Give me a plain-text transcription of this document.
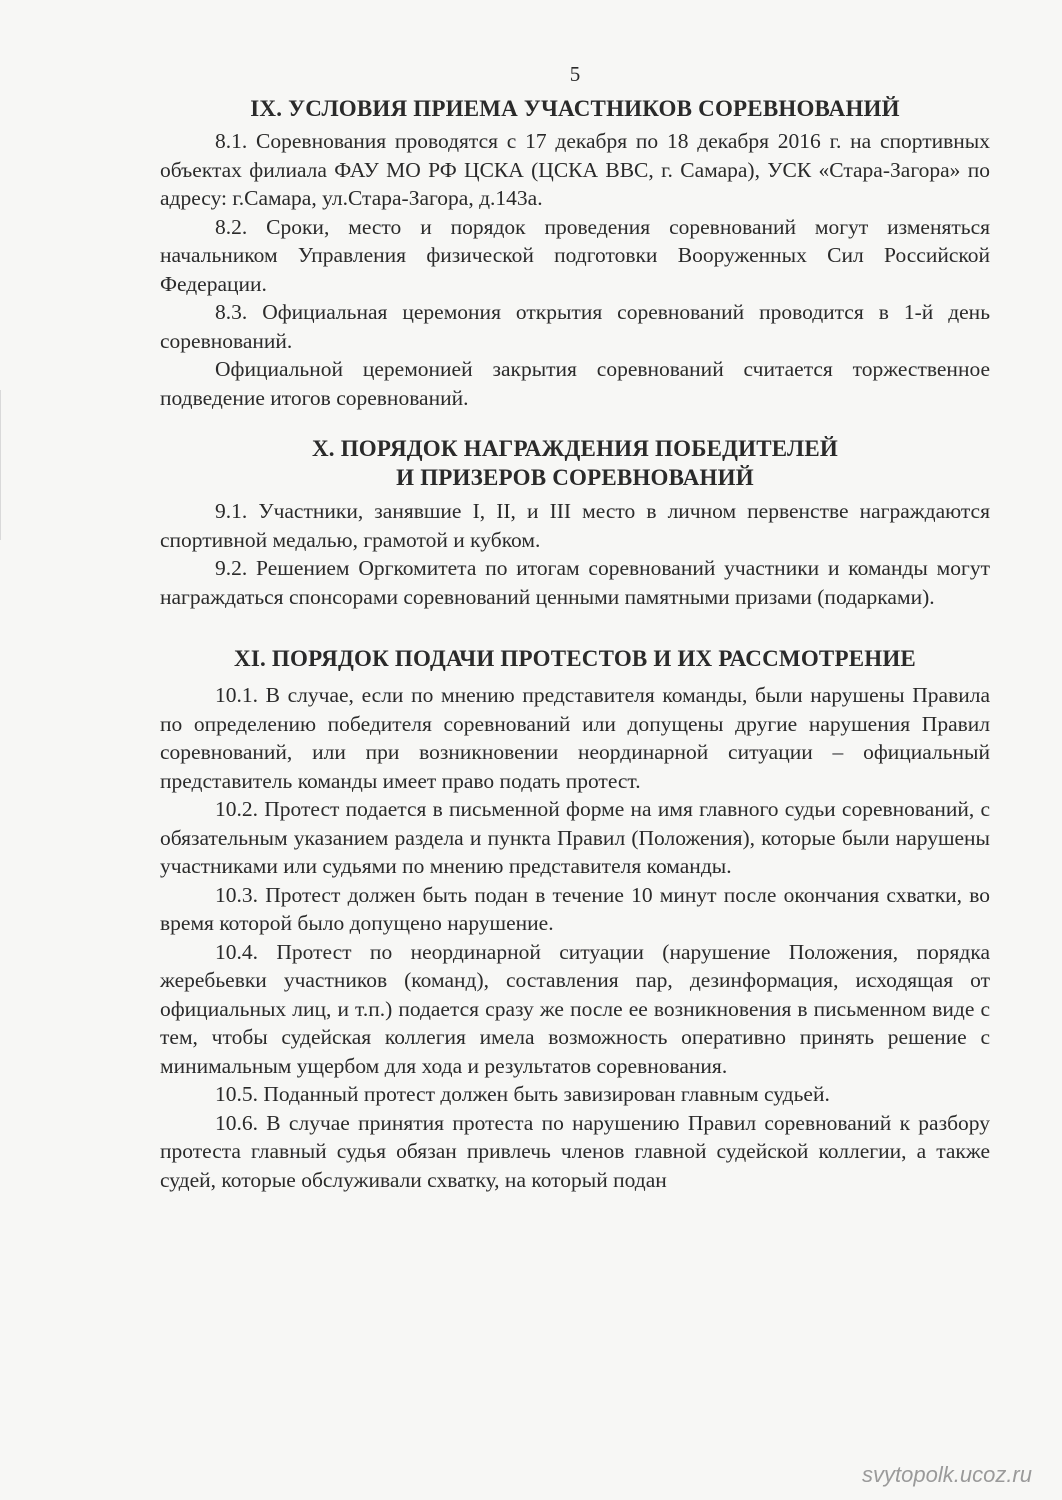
5
IX. УСЛОВИЯ ПРИЕМА УЧАСТНИКОВ СОРЕВНОВАНИЙ

8.1. Соревнования проводятся с 17 декабря по 18 декабря 2016 г. на спортивных объектах филиала ФАУ МО РФ ЦСКА (ЦСКА ВВС, г. Самара), УСК «Стара-Загора» по адресу: г.Самара, ул.Стара-Загора, д.143а.

8.2. Сроки, место и порядок проведения соревнований могут изменяться начальником Управления физической подготовки Вооруженных Сил Российской Федерации.

8.3. Официальная церемония открытия соревнований проводится в 1-й день соревнований.

Официальной церемонией закрытия соревнований считается торжественное подведение итогов соревнований.

X. ПОРЯДОК НАГРАЖДЕНИЯ ПОБЕДИТЕЛЕЙ
И ПРИЗЕРОВ СОРЕВНОВАНИЙ

9.1. Участники, занявшие I, II, и III место в личном первенстве награждаются спортивной медалью, грамотой и кубком.

9.2. Решением Оргкомитета по итогам соревнований участники и команды могут награждаться спонсорами соревнований ценными памятными призами (подарками).

XI. ПОРЯДОК ПОДАЧИ ПРОТЕСТОВ И ИХ РАССМОТРЕНИЕ

10.1. В случае, если по мнению представителя команды, были нарушены Правила по определению победителя соревнований или допущены другие нарушения Правил соревнований, или при возникновении неординарной ситуации – официальный представитель команды имеет право подать протест.

10.2. Протест подается в письменной форме на имя главного судьи соревнований, с обязательным указанием раздела и пункта Правил (Положения), которые были нарушены участниками или судьями по мнению представителя команды.

10.3. Протест должен быть подан в течение 10 минут после окончания схватки, во время которой было допущено нарушение.

10.4. Протест по неординарной ситуации (нарушение Положения, порядка жеребьевки участников (команд), составления пар, дезинформация, исходящая от официальных лиц, и т.п.) подается сразу же после ее возникновения в письменном виде с тем, чтобы судейская коллегия имела возможность оперативно принять решение с минимальным ущербом для хода и результатов соревнования.

10.5. Поданный протест должен быть завизирован главным судьей.

10.6. В случае принятия протеста по нарушению Правил соревнований к разбору протеста главный судья обязан привлечь членов главной судейской коллегии, а также судей, которые обслуживали схватку, на который подан

svytopolk.ucoz.ru
